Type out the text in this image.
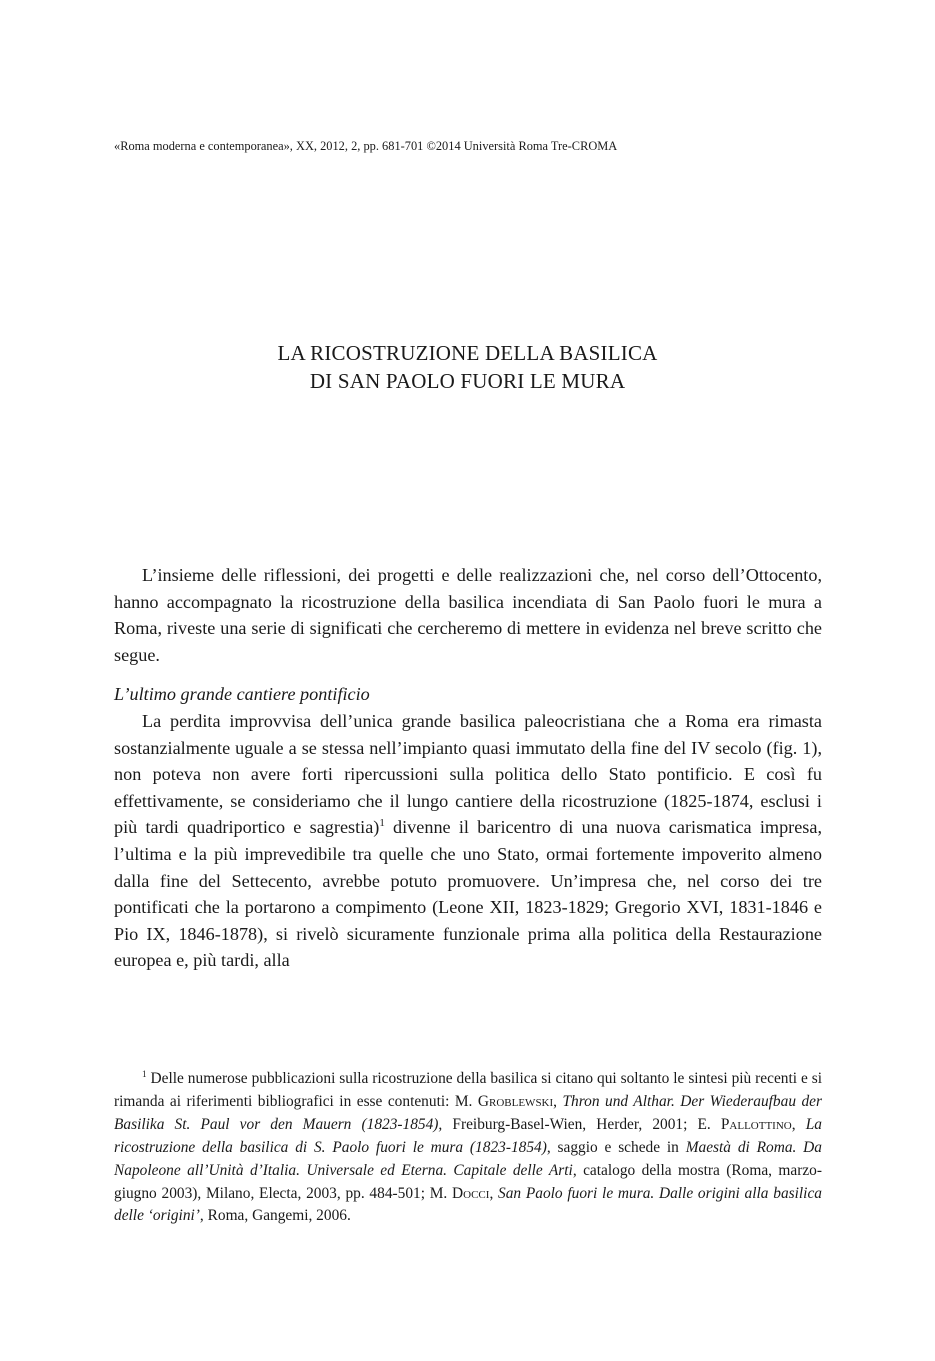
«Roma moderna e contemporanea», XX, 2012, 2, pp. 681-701 ©2014 Università Roma Tre-CROMA
LA RICOSTRUZIONE DELLA BASILICA
DI SAN PAOLO FUORI LE MURA

L’insieme delle riflessioni, dei progetti e delle realizzazioni che, nel corso dell’Ottocento, hanno accompagnato la ricostruzione della basilica incendiata di San Paolo fuori le mura a Roma, riveste una serie di significati che cercheremo di mettere in evidenza nel breve scritto che segue.

L’ultimo grande cantiere pontificio

La perdita improvvisa dell’unica grande basilica paleocristiana che a Roma era rimasta sostanzialmente uguale a se stessa nell’impianto quasi immutato della fine del IV secolo (fig. 1), non poteva non avere forti ripercussioni sulla politica dello Stato pontificio. E così fu effettivamente, se consideriamo che il lungo cantiere della ricostruzione (1825-1874, esclusi i più tardi quadriportico e sagrestia)$^1$ divenne il baricentro di una nuova carismatica impresa, l’ultima e la più imprevedibile tra quelle che uno Stato, ormai fortemente impoverito almeno dalla fine del Settecento, avrebbe potuto promuovere. Un’impresa che, nel corso dei tre pontificati che la portarono a compimento (Leone XII, 1823-1829; Gregorio XVI, 1831-1846 e Pio IX, 1846-1878), si rivelò sicuramente funzionale prima alla politica della Restaurazione europea e, più tardi, alla

$^1$ Delle numerose pubblicazioni sulla ricostruzione della basilica si citano qui soltanto le sintesi più recenti e si rimanda ai riferimenti bibliografici in esse contenuti: M. Groblewski, Thron und Althar. Der Wiederaufbau der Basilika St. Paul vor den Mauern (1823-1854), Freiburg-Basel-Wien, Herder, 2001; E. Pallottino, La ricostruzione della basilica di S. Paolo fuori le mura (1823-1854), saggio e schede in Maestà di Roma. Da Napoleone all’Unità d’Italia. Universale ed Eterna. Capitale delle Arti, catalogo della mostra (Roma, marzo-giugno 2003), Milano, Electa, 2003, pp. 484-501; M. Docci, San Paolo fuori le mura. Dalle origini alla basilica delle ‘origini’, Roma, Gangemi, 2006.
